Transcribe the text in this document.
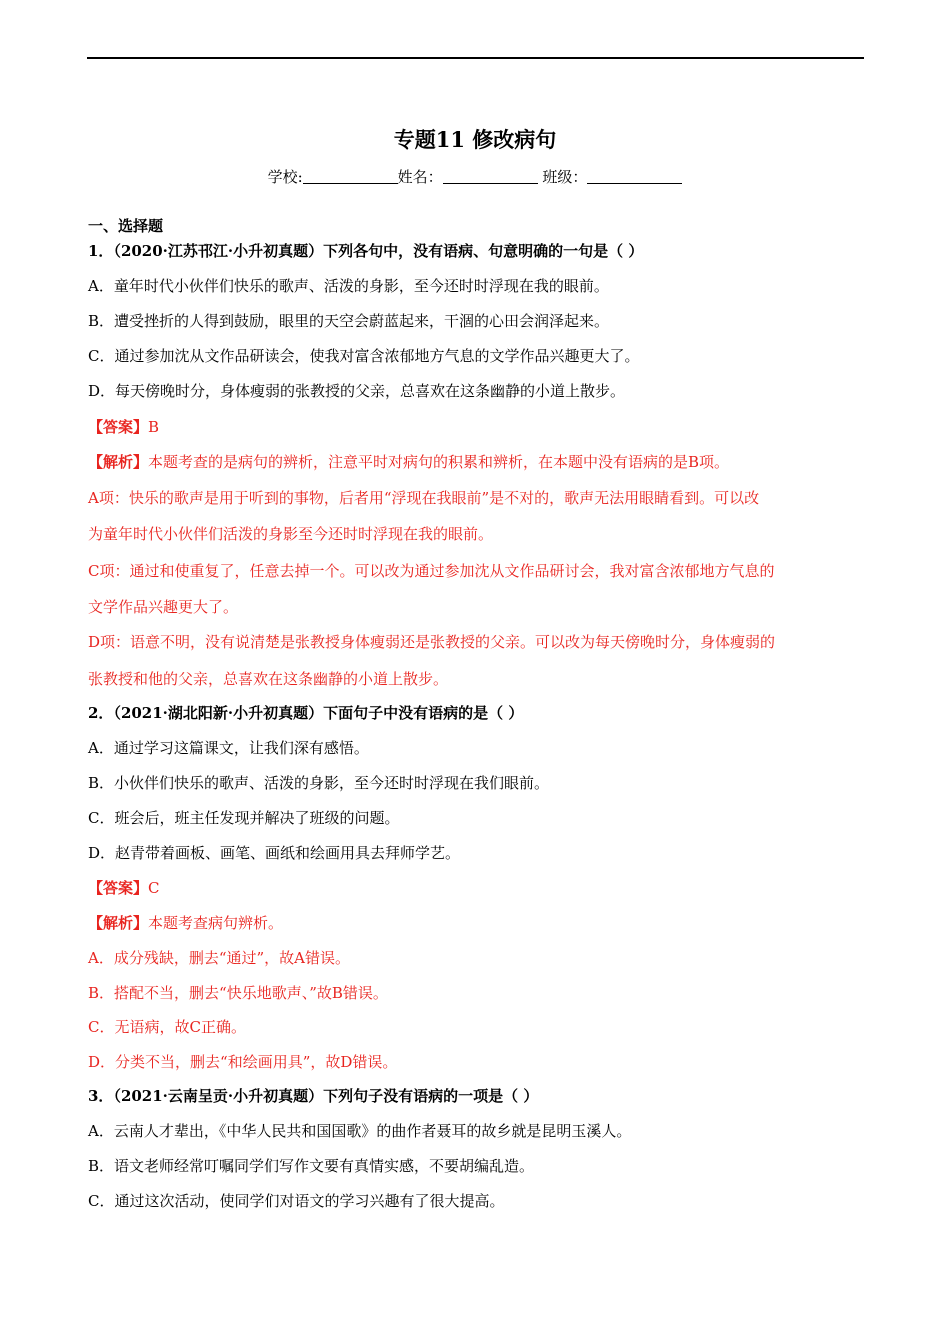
专题11 修改病句
学校:	姓名：	班级：
一、选择题
1．（2020·江苏邗江·小升初真题）下列各句中，没有语病、句意明确的一句是（ ）
A．童年时代小伙伴们快乐的歌声、活泼的身影，至今还时时浮现在我的眼前。
B．遭受挫折的人得到鼓励，眼里的天空会蔚蓝起来，干涸的心田会润泽起来。
C．通过参加沈从文作品研读会，使我对富含浓郁地方气息的文学作品兴趣更大了。
D．每天傍晚时分，身体瘦弱的张教授的父亲，总喜欢在这条幽静的小道上散步。
【答案】B
【解析】本题考查的是病句的辨析，注意平时对病句的积累和辨析，在本题中没有语病的是B项。
A项：快乐的歌声是用于听到的事物，后者用“浮现在我眼前”是不对的，歌声无法用眼睛看到。可以改
为童年时代小伙伴们活泼的身影至今还时时浮现在我的眼前。
C项：通过和使重复了，任意去掉一个。可以改为通过参加沈从文作品研讨会，我对富含浓郁地方气息的
文学作品兴趣更大了。
D项：语意不明，没有说清楚是张教授身体瘦弱还是张教授的父亲。可以改为每天傍晚时分，身体瘦弱的
张教授和他的父亲，总喜欢在这条幽静的小道上散步。
2．（2021·湖北阳新·小升初真题）下面句子中没有语病的是（ ）
A．通过学习这篇课文，让我们深有感悟。
B．小伙伴们快乐的歌声、活泼的身影，至今还时时浮现在我们眼前。
C．班会后，班主任发现并解决了班级的问题。
D．赵青带着画板、画笔、画纸和绘画用具去拜师学艺。
【答案】C
【解析】本题考查病句辨析。
A．成分残缺，删去“通过”，故A错误。
B．搭配不当，删去“快乐地歌声、”故B错误。
C．无语病，故C正确。
D．分类不当，删去“和绘画用具”，故D错误。
3．（2021·云南呈贡·小升初真题）下列句子没有语病的一项是（ ）
A．云南人才辈出，《中华人民共和国国歌》的曲作者聂耳的故乡就是昆明玉溪人。
B．语文老师经常叮嘱同学们写作文要有真情实感，不要胡编乱造。
C．通过这次活动，使同学们对语文的学习兴趣有了很大提高。
